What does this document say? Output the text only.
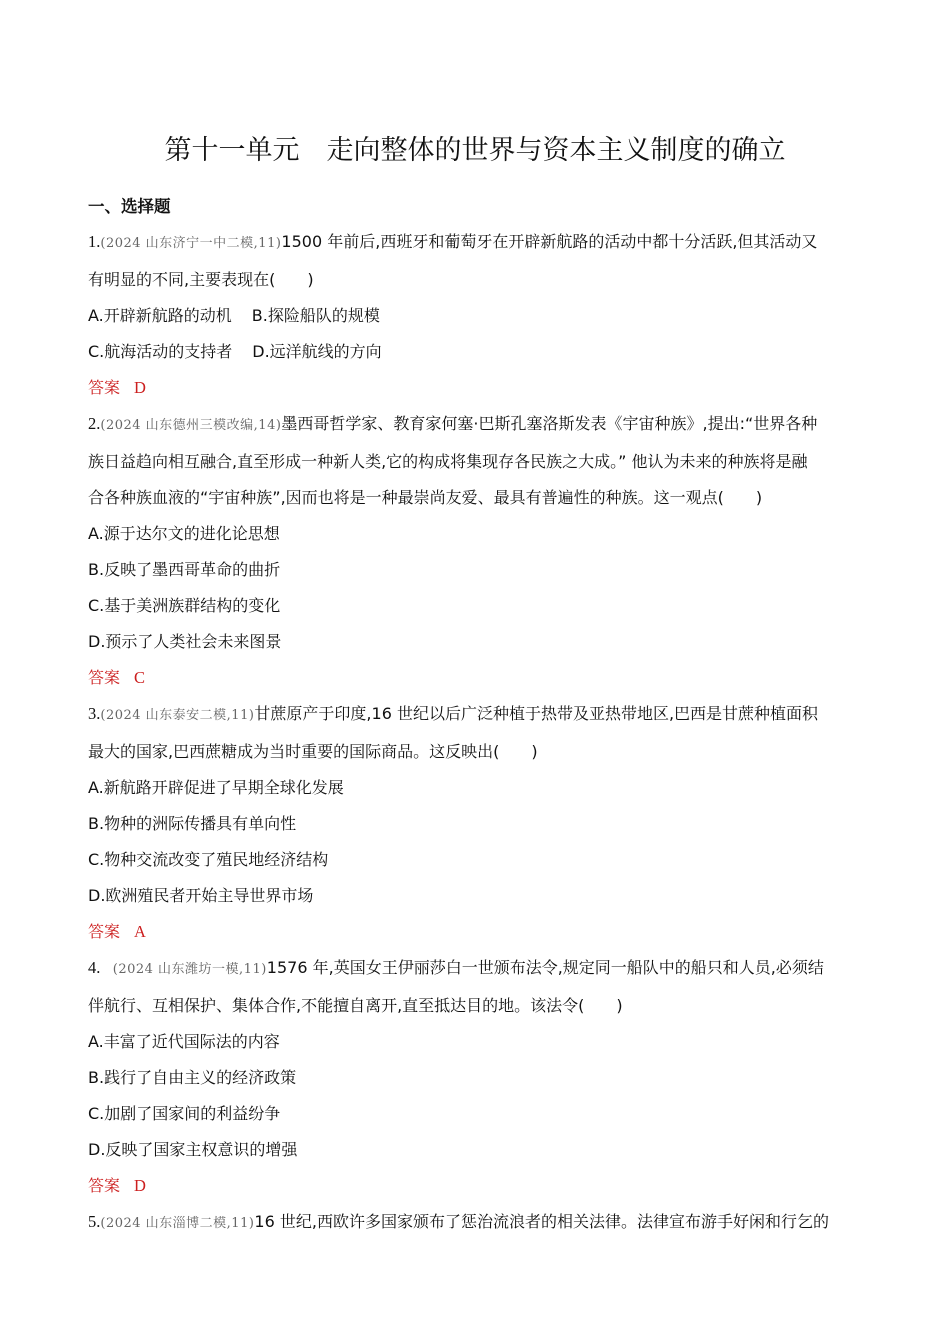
第十一单元　走向整体的世界与资本主义制度的确立
一、选择题
1.(2024 山东济宁一中二模,11)1500 年前后,西班牙和葡萄牙在开辟新航路的活动中都十分活跃,但其活动又
有明显的不同,主要表现在(　　)
A.开辟新航路的动机 B.探险船队的规模
C.航海活动的支持者 D.远洋航线的方向
答案 D
2.(2024 山东德州三模改编,14)墨西哥哲学家、教育家何塞·巴斯孔塞洛斯发表《宇宙种族》,提出:“世界各种
族日益趋向相互融合,直至形成一种新人类,它的构成将集现存各民族之大成。” 他认为未来的种族将是融
合各种族血液的“宇宙种族”,因而也将是一种最崇尚友爱、最具有普遍性的种族。这一观点(　　)
A.源于达尔文的进化论思想
B.反映了墨西哥革命的曲折
C.基于美洲族群结构的变化
D.预示了人类社会未来图景
答案 C
3.(2024 山东泰安二模,11)甘蔗原产于印度,16 世纪以后广泛种植于热带及亚热带地区,巴西是甘蔗种植面积
最大的国家,巴西蔗糖成为当时重要的国际商品。这反映出(　　)
A.新航路开辟促进了早期全球化发展
B.物种的洲际传播具有单向性
C.物种交流改变了殖民地经济结构
D.欧洲殖民者开始主导世界市场
答案 A
4.   (2024 山东潍坊一模,11)1576 年,英国女王伊丽莎白一世颁布法令,规定同一船队中的船只和人员,必须结
伴航行、互相保护、集体合作,不能擅自离开,直至抵达目的地。该法令(　　)
A.丰富了近代国际法的内容
B.践行了自由主义的经济政策
C.加剧了国家间的利益纷争
D.反映了国家主权意识的增强
答案 D
5.(2024 山东淄博二模,11)16 世纪,西欧许多国家颁布了惩治流浪者的相关法律。法律宣布游手好闲和行乞的
